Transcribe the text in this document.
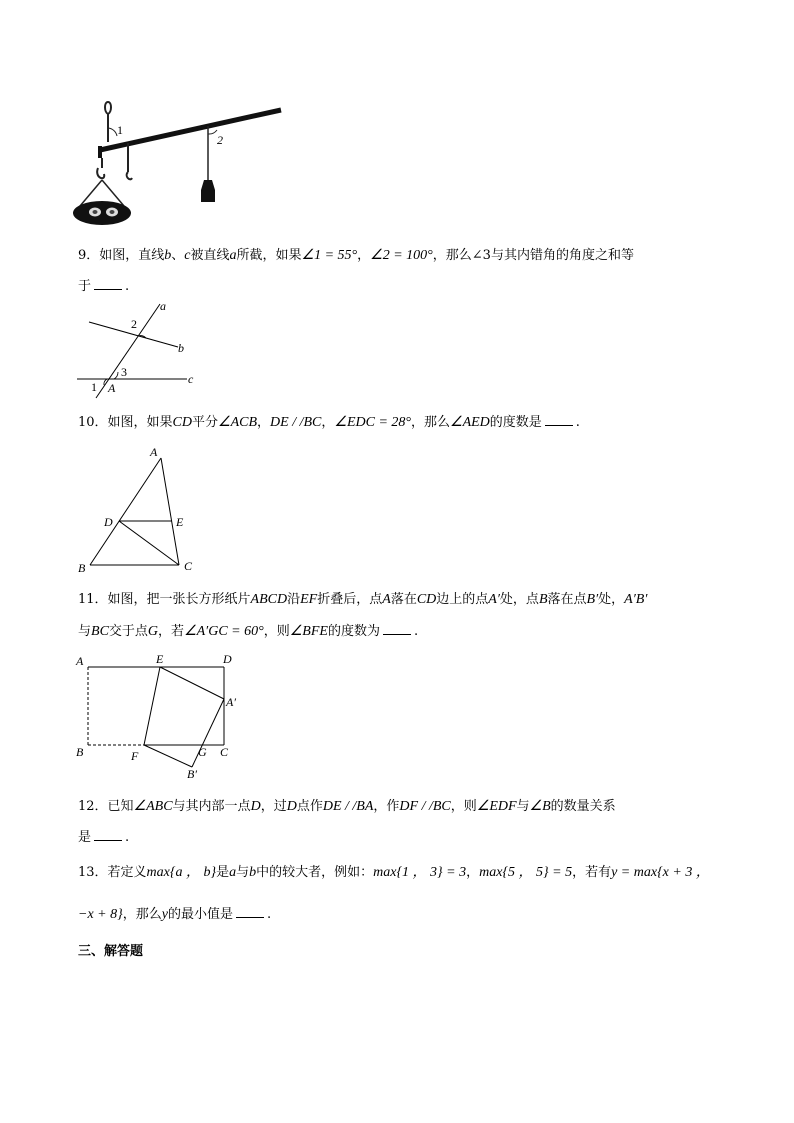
1
2
9．如图，直线b、c被直线a所截，如果∠1 = 55°，∠2 = 100°，那么∠3与其内错角的角度之和等
于	.
a
b
c
2
3
1 A
10．如图，如果CD平分∠ACB，DE / /BC，∠EDC = 28°，那么∠AED的度数是	.
A
B	C
D	E
11．如图，把一张长方形纸片ABCD沿EF折叠后，点A落在CD边上的点A′处，点B落在点B′处，A′B′
与BC交于点G，若∠A′GC = 60°，则∠BFE的度数为	.
A	E	D
A′
B	F	G C
B′
12．已知∠ABC与其内部一点D，过D点作DE / /BA，作DF / /BC，则∠EDF与∠B的数量关系
是	.
13．若定义max{a ， b}是a与b中的较大者，例如：max{1 ， 3} = 3，max{5 ， 5} = 5，若有y = max{x + 3 ，
−x + 8}，那么y的最小值是	.
三、解答题
